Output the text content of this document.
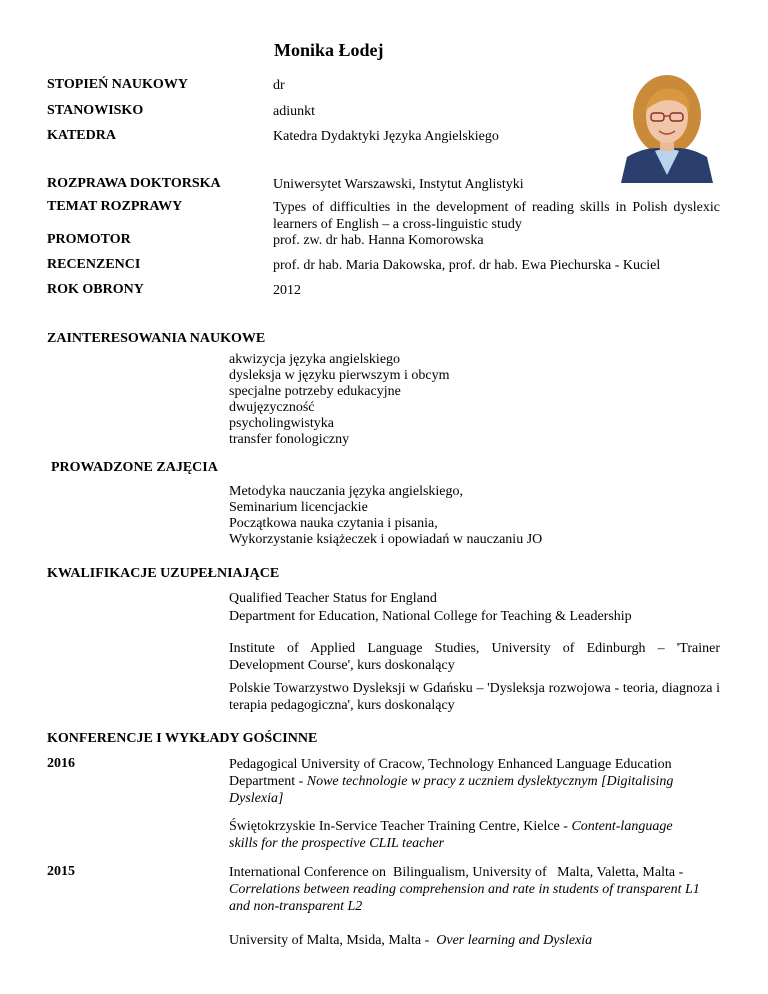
Monika Łodej
STOPIEŃ NAUKOWY	dr
STANOWISKO	adiunkt
KATEDRA	Katedra Dydaktyki Języka Angielskiego
ROZPRAWA DOKTORSKA	Uniwersytet Warszawski, Instytut Anglistyki
TEMAT ROZPRAWY	Types of difficulties in the development of reading skills in Polish dyslexic learners of English – a cross-linguistic study
PROMOTOR	prof. zw. dr hab. Hanna Komorowska
RECENZENCI	prof. dr hab. Maria Dakowska, prof. dr hab. Ewa Piechurska - Kuciel
ROK OBRONY	2012
ZAINTERESOWANIA NAUKOWE
akwizycja języka angielskiego
dysleksja w języku pierwszym i obcym
specjalne potrzeby edukacyjne
dwujęzyczność
psycholingwistyka
transfer fonologiczny
PROWADZONE ZAJĘCIA
Metodyka nauczania języka angielskiego,
Seminarium licencjackie
Początkowa nauka czytania i pisania,
Wykorzystanie książeczek i opowiadań w nauczaniu JO
KWALIFIKACJE UZUPEŁNIAJĄCE
Qualified Teacher Status for England
Department for Education, National College for Teaching & Leadership
Institute of Applied Language Studies, University of Edinburgh – 'Trainer Development Course', kurs doskonalący
Polskie Towarzystwo Dysleksji w Gdańsku – 'Dysleksja rozwojowa - teoria, diagnoza i terapia pedagogiczna', kurs doskonalący
KONFERENCJE I WYKŁADY GOŚCINNE
2016	Pedagogical University of Cracow, Technology Enhanced Language Education Department - Nowe technologie w pracy z uczniem dyslektycznym [Digitalising Dyslexia]
Świętokrzyskie In-Service Teacher Training Centre, Kielce - Content-language skills for the prospective CLIL teacher
2015	International Conference on  Bilingualism, University of   Malta, Valetta, Malta - Correlations between reading comprehension and rate in students of transparent L1 and non-transparent L2
University of Malta, Msida, Malta -  Over learning and Dyslexia
